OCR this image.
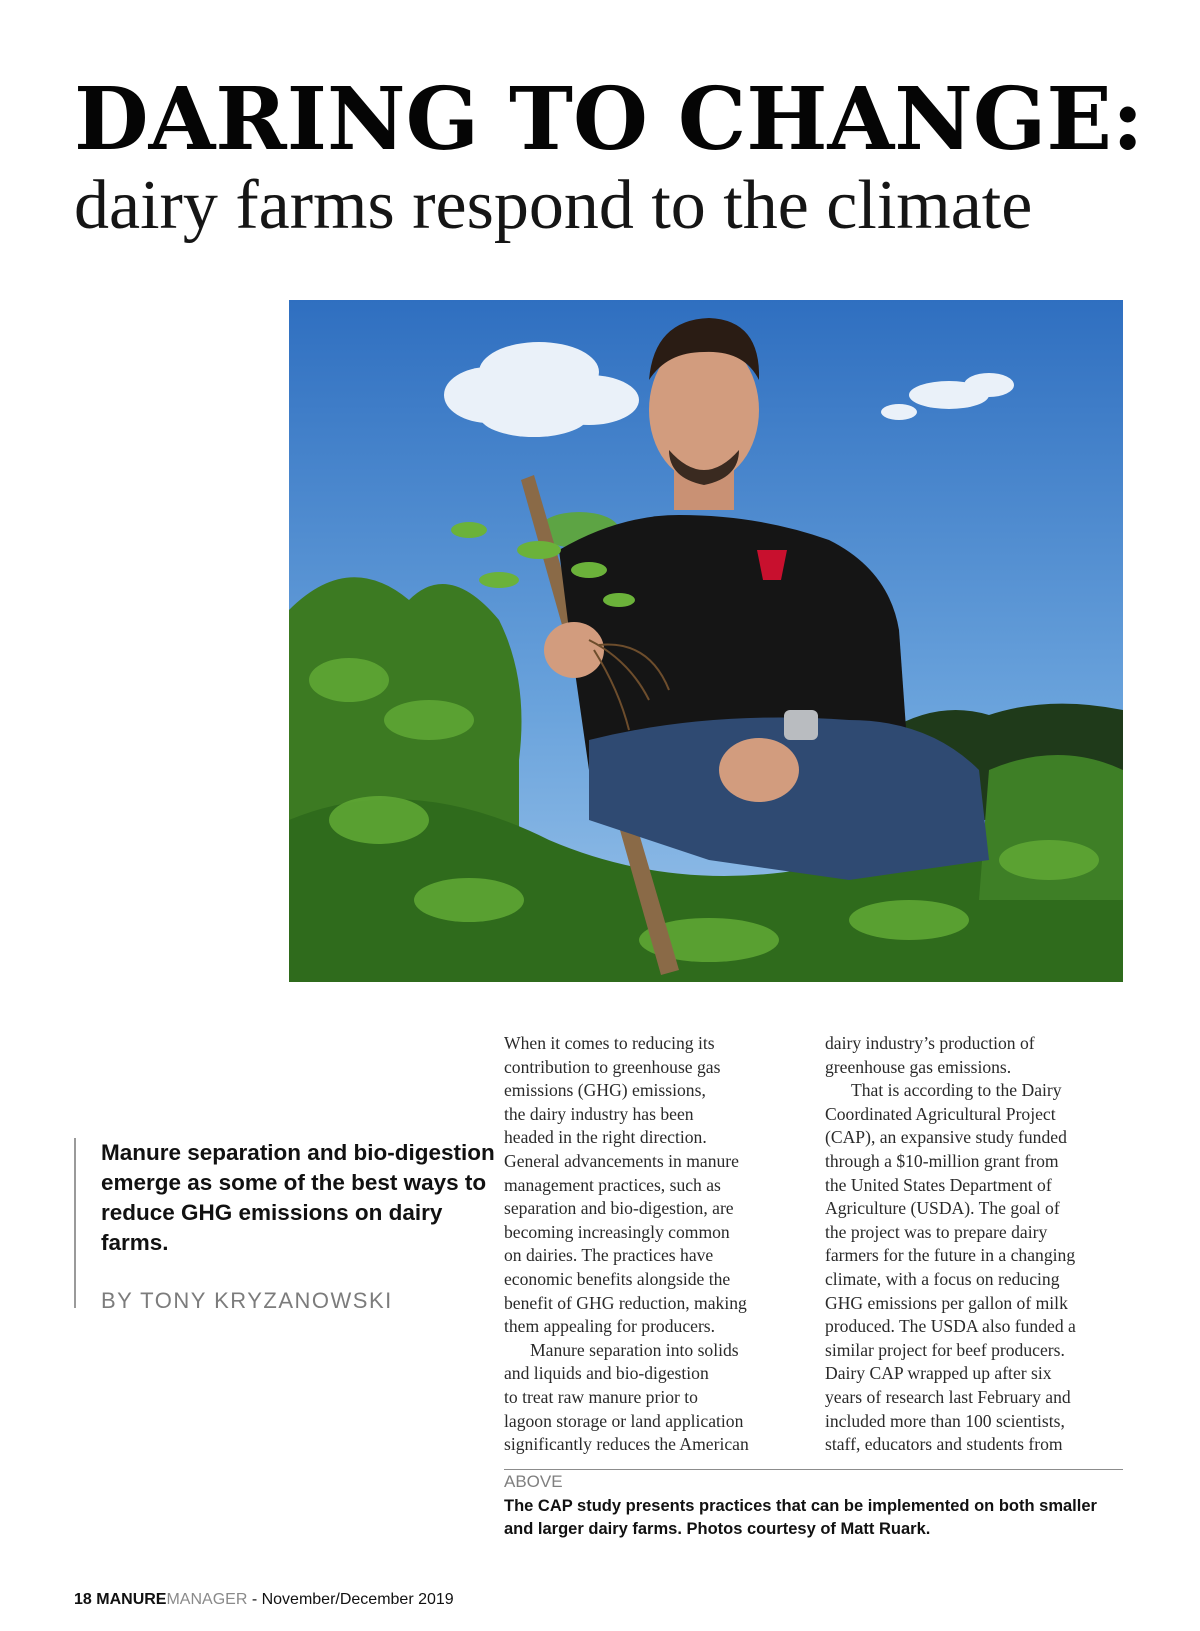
DARING TO CHANGE:
dairy farms respond to the climate

Manure separation and bio-digestion emerge as some of the best ways to reduce GHG emissions on dairy farms.

BY TONY KRYZANOWSKI
When it comes to reducing its
contribution to greenhouse gas
emissions (GHG) emissions,
the dairy industry has been
headed in the right direction.
General advancements in manure
management practices, such as
separation and bio-digestion, are
becoming increasingly common
on dairies. The practices have
economic benefits alongside the
benefit of GHG reduction, making
them appealing for producers.
Manure separation into solids
and liquids and bio-digestion
to treat raw manure prior to
lagoon storage or land application
significantly reduces the American
dairy industry’s production of
greenhouse gas emissions.
That is according to the Dairy
Coordinated Agricultural Project
(CAP), an expansive study funded
through a $10-million grant from
the United States Department of
Agriculture (USDA). The goal of
the project was to prepare dairy
farmers for the future in a changing
climate, with a focus on reducing
GHG emissions per gallon of milk
produced. The USDA also funded a
similar project for beef producers.
Dairy CAP wrapped up after six
years of research last February and
included more than 100 scientists,
staff, educators and students from
ABOVE
The CAP study presents practices that can be implemented on both smaller and larger dairy farms. Photos courtesy of Matt Ruark.
18 MANUREMANAGER - November/December 2019
